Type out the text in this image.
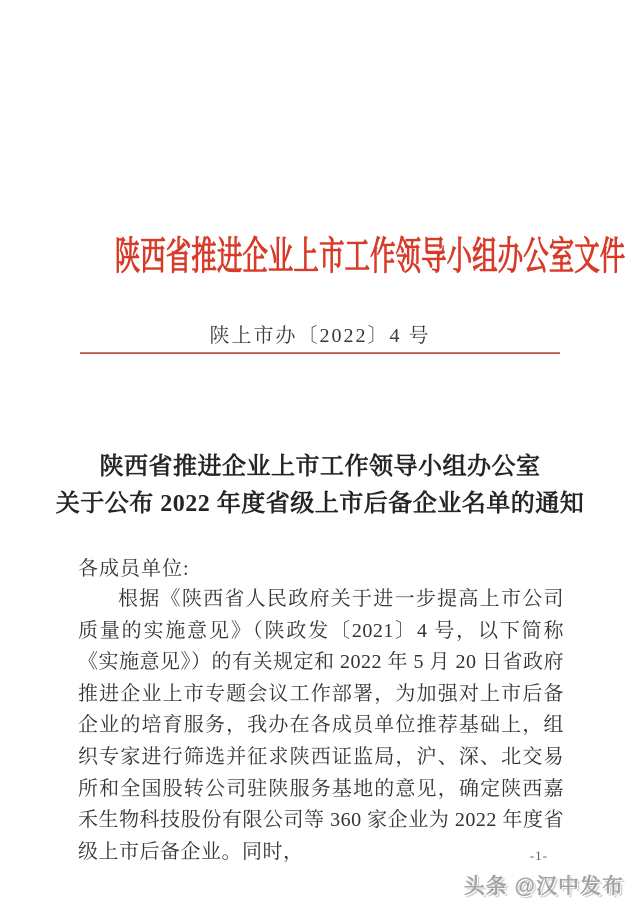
陕西省推进企业上市工作领导小组办公室文件
陕上市办〔2022〕4 号
陕西省推进企业上市工作领导小组办公室
关于公布 2022 年度省级上市后备企业名单的通知
各成员单位:
根据《陕西省人民政府关于进一步提高上市公司质量的实施意见》（陕政发〔2021〕4 号，以下简称《实施意见》）的有关规定和 2022 年 5 月 20 日省政府推进企业上市专题会议工作部署，为加强对上市后备企业的培育服务，我办在各成员单位推荐基础上，组织专家进行筛选并征求陕西证监局，沪、深、北交易所和全国股转公司驻陕服务基地的意见，确定陕西嘉禾生物科技股份有限公司等 360 家企业为 2022 年度省级上市后备企业。同时，	-1-
头条 @汉中发布
